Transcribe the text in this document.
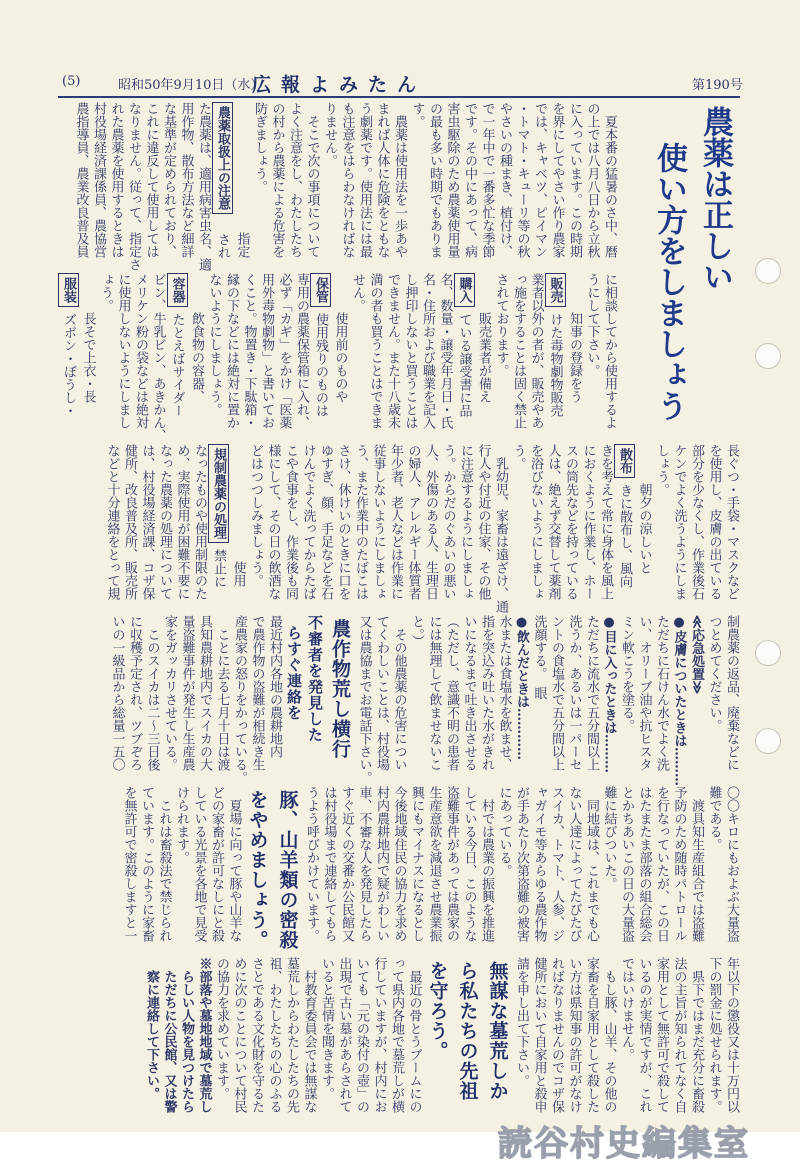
(5)	昭和50年9月10日（水）
広報よみたん	第190号
農薬は正しい
使い方をしましょう
　夏本番の猛暑のさ中、暦
の上では八月八日から立秋
に入っています。この時期
を界にしてやさい作り農家
では、キャベツ、ピイマン
・トマト・キューリ等の秋
やさいの種まき、植付け、
で一年中で一番多忙な季節
です。その中にあって、病
害虫駆除のため農薬使用量
の最も多い時期でもありま
す。
　農薬は使用法を一歩あや
まれば人体に危険をともな
う劇薬です。使用法には最
も注意をはらわなければな
りません。
　そこで次の事項について
よく注意をし、わたしたち
の村から農薬による危害を
防ぎましょう。
　　　　　　　　　　指定
農薬取扱上の注意　され
た農薬は、適用病害虫名、適
用作物、散布方法など細詳
な基準が定められており、
これに違反して使用しては
なりません。従って、指定さ
れた農薬を使用するときは
村役場経済課係員、農協営
農指導員、農業改良普及員
に相談してから使用するよ
うにして下さい。
　　　知事の登録をう
販売けた毒物劇物販売
業者以外の者が、販売やあ
っ施をすることは固く禁止
されております。
　　　販売業者が備え
購入ている譲受書に品
名、数量・譲受年月日・氏
名・住所および職業を記入
し押印しないと買うことは
できません。また十八歳未
満の者も買うことはできま
せん。
　　　使用前のものや
保管使用残りのものは
専用の農薬保管箱に入れ、
必ず「カギ」をかけ「医薬
用外毒物劇物」と書いてお
くこと。物置き・下駄箱・
縁の下などには絶対に置か
ないようにしましょう。
　　　飲食物の容器、
容器たとえばサイダー
ビン、牛乳ビン、あきかん、
メリケン粉の袋などは絶対
に使用しないようにしまし
ょう。
　　　長そで上衣・長
服装ズボン・ぼうし・
長ぐつ・手袋・マスクなど
を使用し、皮膚の出ている
部分を少なくし、作業後石
ケンでよく洗うようにしま
しょう。
　　　朝夕の涼しいと
散布きに散布し、風向
きを考えて常に身体を風上
におくように作業し、ホー
スの筒先などを持っている
人は、絶えず交替して薬剤
を浴びないようにしましょ
う。
　乳幼児、家畜は遠ざけ、通
行人や付近の住家、その他
に注意するようにしましょ
う。からだのぐあいの悪い
人、外傷のある人、生理日
の婦人、アレルギー体質者
年少者、老人などは作業に
従事しないようにしましょ
う、また作業中のたばこは
さけ、休けいのときに口を
ゆすぎ、顔、手足などを石
けんでよく洗ってからたば
こや食事をし、作業後も同
様にして、その日の飲酒な
どはつつしみましょう。
　　　　　　　　　使用
規制農薬の処理禁止に
なったものや使用制限のた
め、実際使用が困難不要に
なった農薬の処理について
は、村役場経済課、コザ保
健所、改良普及所、販売所
などと十分連絡をとって規
制農薬の返品、廃棄などに
つとめてください。
≪応急処置≫
●皮膚についたときは………
ただちに石けん水でよく洗
い、オリーブ油や抗ヒスタ
ミン軟こうを塗る。
●目に入ったときは………
ただちに流水で五分間以上
洗うか、あるいは一パーセ
ントの食塩水で五分間以上
洗顔する。　眼
●飲んだときは…………
水または食塩水を飲ませ、
指を突込み吐いた水がきれ
いになるまで吐き出させる
（ただし、意識不明の患者
には無理して飲ませないこ
と。）
　その他農薬の危害につい
てくわしいことは、村役場
又は農協までお電話下さい。
農作物荒し横行
不審者を発見した
らすぐ連絡を
最近村内各地の農耕地内
で農作物の盗難が相続き生
産農家の怒りをかっている。
　ことに去る七月十日は渡
具知農耕地内でスイカの大
量盗難事件が発生し生産農
家をガッカリさせている。
　このスイカは二〜三日後
に収穫予定され、ツブぞろ
いの一級品から総量一五〇
〇〇キロにもおよぶ大量盗
難である。
　渡具知生産組合では盗難
予防のため随時パトロール
を行なっていたが、この日
はたまたま部落の組合総会
とかちあいこの日の大量盗
難に結びついた。
　同地域は、これまでも心
ない人達によってたびたび
スイカ、トマト、人参、ジ
ャガイモ等あらゆる農作物
が手あたり次第盗難の被害
にあっている。
　村では農業の振興を推進
している今日、このような
盗難事件があっては農家の
生産意欲を減退させ農業振
興にもマイナスになるとし
今後地域住民の協力を求め
村内農耕地内で疑がわしい
車、不審な人を発見したら
すぐ近くの交番か公民館又
は村役場まで連絡してもら
うよう呼びかけています。
豚、山羊類の密殺
をやめましょう。
　夏場に向って豚や山羊な
どの家畜が許可なしにと殺
している光景を各地で見受
けられます。
　これは畜殺法で禁じられ
ています。このように家畜
を無許可で密殺しますと一
年以下の懲役又は十万円以
下の罰金に処せられます。
　県下ではまだ充分に畜殺
法の主旨が知られてなく自
家用として無許可で殺して
いるのが実情ですが、これ
ではいけません。
　もし豚、山羊、その他の
家畜を自家用として殺した
い方は県知事の許可がなけ
ればなりませんのでコザ保
健所において自家用と殺申
請を申し出て下さい。
無謀な墓荒しか
ら私たちの先祖
を守ろう。
　最近の骨とうブームにの
って県内各地で墓荒しが横
行していますが、村内にお
いても「元の染付の壺」の
出現で古い墓があらされて
いると苦情を聞きます。
　村教育委員会では無謀な
墓荒しからわたしたちの先
祖、わたしたちの心のふる
さとである文化財を守るた
めに次のことについて村民
の協力を求めています。
※部落や墓地地域で墓荒し
　らしい人物を見つけたら
　ただちに公民館、又は警
　察に連絡して下さい。
読谷村史編集室
